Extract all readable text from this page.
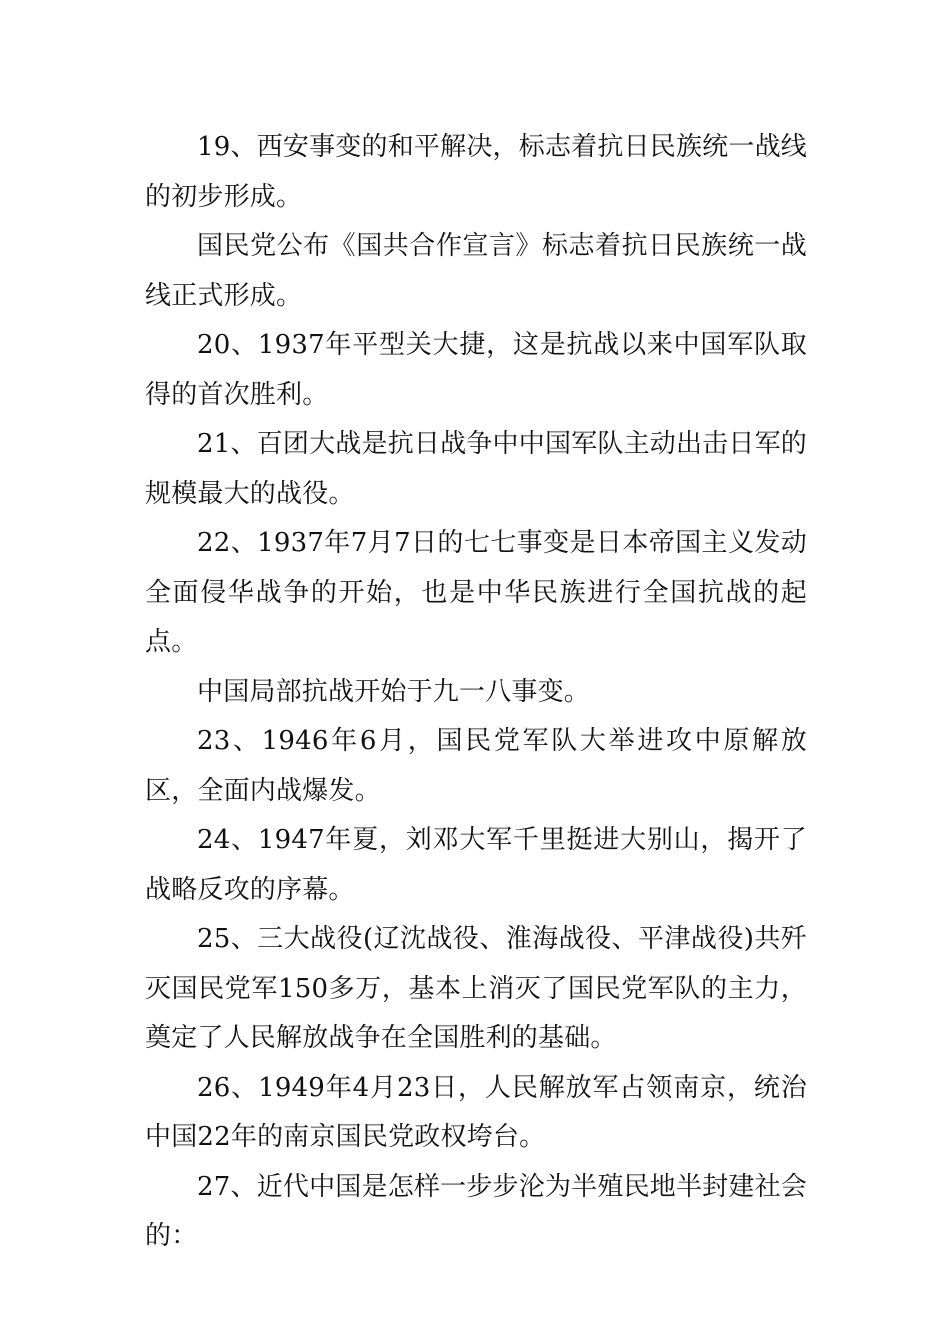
19、西安事变的和平解决，标志着抗日民族统一战线的初步形成。

国民党公布《国共合作宣言》标志着抗日民族统一战线正式形成。

20、1937年平型关大捷，这是抗战以来中国军队取得的首次胜利。

21、百团大战是抗日战争中中国军队主动出击日军的规模最大的战役。

22、1937年7月7日的七七事变是日本帝国主义发动全面侵华战争的开始，也是中华民族进行全国抗战的起点。

中国局部抗战开始于九一八事变。

23、1946年6月，国民党军队大举进攻中原解放区，全面内战爆发。

24、1947年夏，刘邓大军千里挺进大别山，揭开了战略反攻的序幕。

25、三大战役(辽沈战役、淮海战役、平津战役)共歼灭国民党军150多万，基本上消灭了国民党军队的主力，奠定了人民解放战争在全国胜利的基础。

26、1949年4月23日，人民解放军占领南京，统治中国22年的南京国民党政权垮台。

27、近代中国是怎样一步步沦为半殖民地半封建社会的：
